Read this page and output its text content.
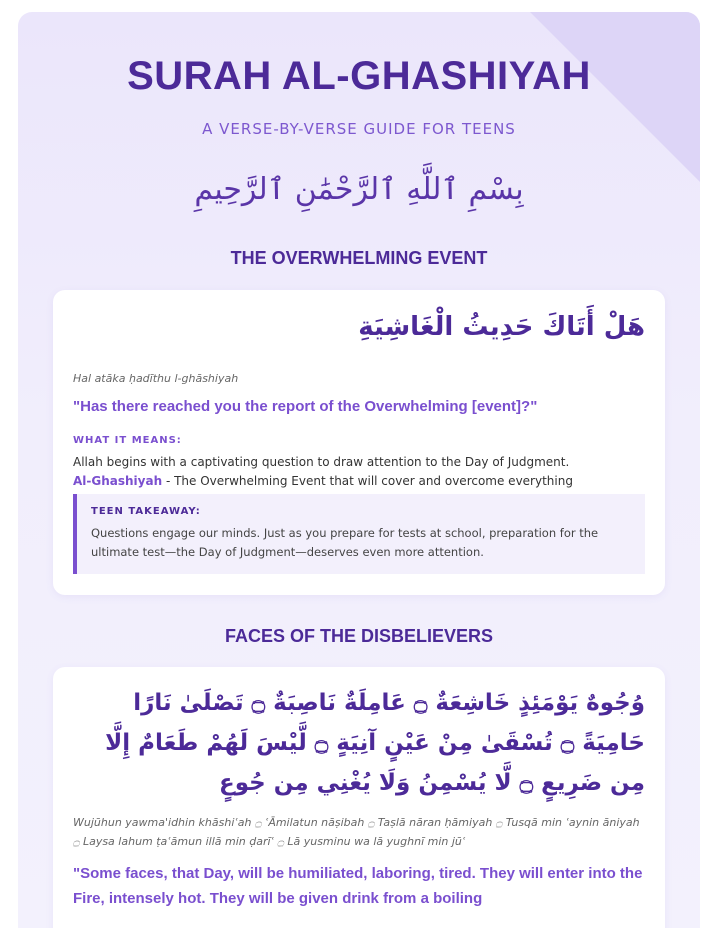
SURAH AL-GHASHIYAH
A VERSE-BY-VERSE GUIDE FOR TEENS
بِسْمِ ٱللَّهِ ٱلرَّحْمَٰنِ ٱلرَّحِيمِ
THE OVERWHELMING EVENT
هَلْ أَتَاكَ حَدِيثُ الْغَاشِيَةِ
Hal atāka ḥadīthu l-ghāshiyah
"Has there reached you the report of the Overwhelming [event]?"
WHAT IT MEANS:
Allah begins with a captivating question to draw attention to the Day of Judgment.
Al-Ghashiyah - The Overwhelming Event that will cover and overcome everything
TEEN TAKEAWAY:
Questions engage our minds. Just as you prepare for tests at school, preparation for the ultimate test—the Day of Judgment—deserves even more attention.
FACES OF THE DISBELIEVERS
وُجُوهٌ يَوْمَئِذٍ خَاشِعَةٌ ۝ عَامِلَةٌ نَاصِبَةٌ ۝ تَصْلَىٰ نَارًا حَامِيَةً ۝ تُسْقَىٰ مِنْ عَيْنٍ آنِيَةٍ ۝ لَّيْسَ لَهُمْ طَعَامٌ إِلَّا مِن ضَرِيعٍ ۝ لَّا يُسْمِنُ وَلَا يُغْنِي مِن جُوعٍ
Wujūhun yawma'idhin khāshiʿah ۝ ʿĀmilatun nāṣibah ۝ Taṣlā nāran ḥāmiyah ۝ Tusqā min ʿaynin āniyah ۝ Laysa lahum ṭaʿāmun illā min ḍarīʿ ۝ Lā yusminu wa lā yughnī min jūʿ
"Some faces, that Day, will be humiliated, laboring, tired. They will enter into the Fire, intensely hot. They will be given drink from a boiling
